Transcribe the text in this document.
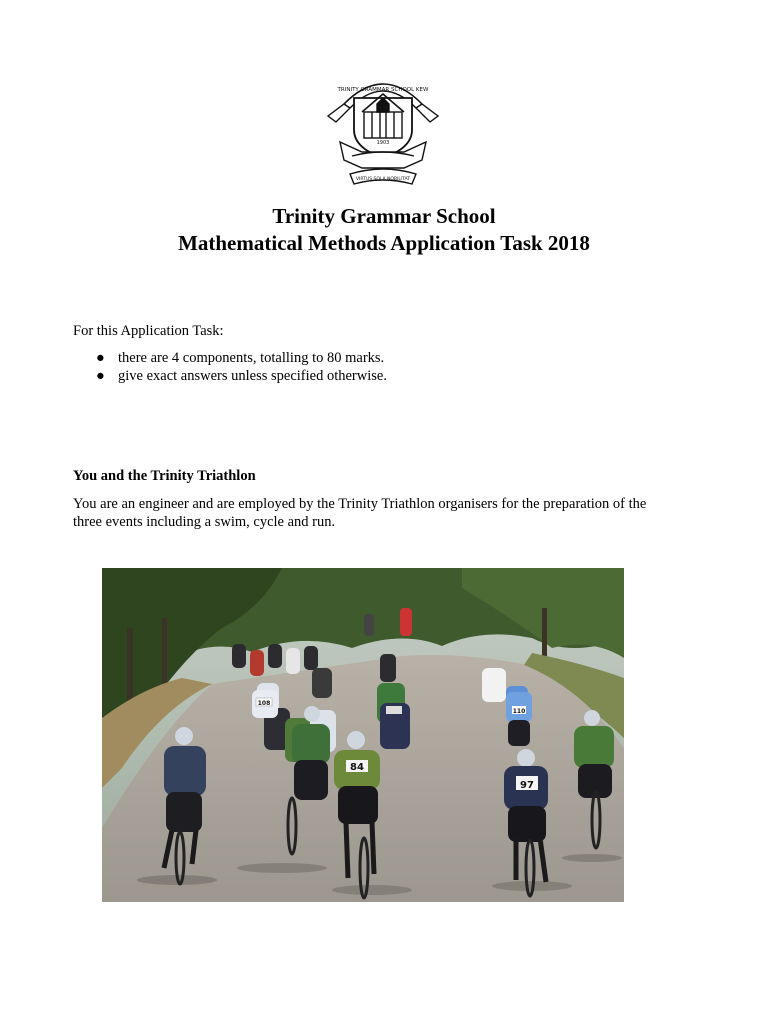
TRINITY GRAMMAR SCHOOL KEW
1903
VIRTUS SOLA NOBILITAT
Trinity Grammar School
Mathematical Methods Application Task 2018
For this Application Task:
● there are 4 components, totalling to 80 marks.
● give exact answers unless specified otherwise.
You and the Trinity Triathlon
You are an engineer and are employed by the Trinity Triathlon organisers for the preparation of the
three events including a swim, cycle and run.
84
97
110
108
